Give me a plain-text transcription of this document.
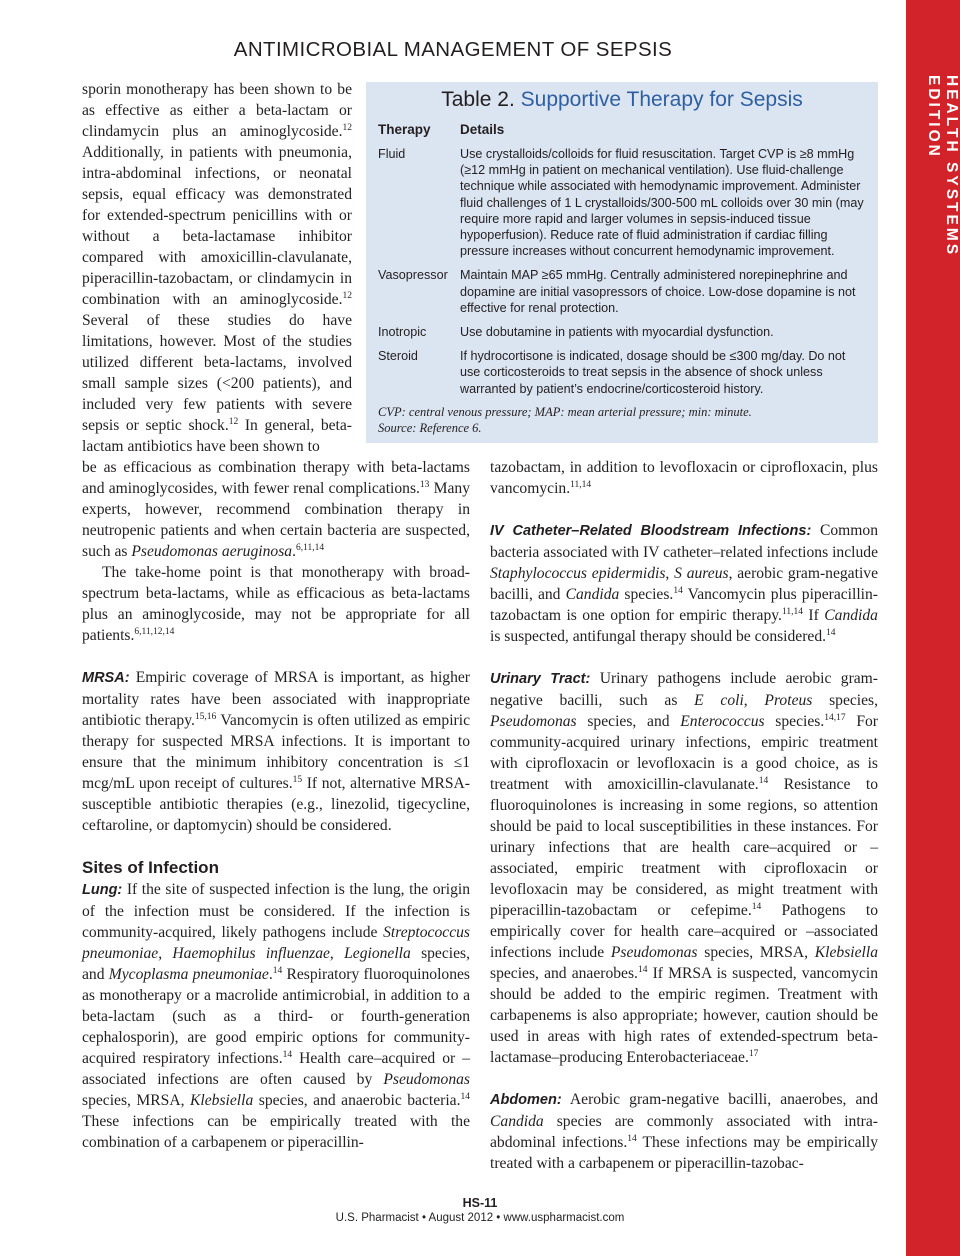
ANTIMICROBIAL MANAGEMENT OF SEPSIS
HEALTH SYSTEMS EDITION

sporin monotherapy has been shown to be as effective as either a beta-lactam or clindamycin plus an aminoglycoside.$^{12}$ Additionally, in patients with pneumonia, intra-abdominal infections, or neonatal sepsis, equal efficacy was demonstrated for extended-spectrum penicillins with or without a beta-lactamase inhibitor compared with amoxicillin-clavulanate, piperacillin-tazobactam, or clindamycin in combination with an aminoglycoside.$^{12}$ Several of these studies do have limitations, however. Most of the studies utilized different beta-lactams, involved small sample sizes (<200 patients), and included very few patients with severe sepsis or septic shock.$^{12}$ In general, beta-lactam antibiotics have been shown to

Table 2. Supportive Therapy for Sepsis
Therapy Details
Fluid	Use crystalloids/colloids for fluid resuscitation. Target CVP is ≥8 mmHg (≥12 mmHg in patient on mechanical ventilation). Use fluid-challenge technique while associated with hemodynamic improvement. Administer fluid challenges of 1 L crystalloids/300-500 mL colloids over 30 min (may require more rapid and larger volumes in sepsis-induced tissue hypoperfusion). Reduce rate of fluid administration if cardiac filling pressure increases without concurrent hemodynamic improvement.
Vasopressor Maintain MAP ≥65 mmHg. Centrally administered norepinephrine and dopamine are initial vasopressors of choice. Low-dose dopamine is not effective for renal protection.
Inotropic	Use dobutamine in patients with myocardial dysfunction.
Steroid	If hydrocortisone is indicated, dosage should be ≤300 mg/day. Do not use corticosteroids to treat sepsis in the absence of shock unless warranted by patient’s endocrine/corticosteroid history.
CVP: central venous pressure; MAP: mean arterial pressure; min: minute.
Source: Reference 6.

be as efficacious as combination therapy with beta-lactams and aminoglycosides, with fewer renal complications.$^{13}$ Many experts, however, recommend combination therapy in neutropenic patients and when certain bacteria are suspected, such as Pseudomonas aeruginosa.$^{6,11,14}$

The take-home point is that monotherapy with broad-spectrum beta-lactams, while as efficacious as beta-lactams plus an aminoglycoside, may not be appropriate for all patients.$^{6,11,12,14}$

MRSA: Empiric coverage of MRSA is important, as higher mortality rates have been associated with inappropriate antibiotic therapy.$^{15,16}$ Vancomycin is often utilized as empiric therapy for suspected MRSA infections. It is important to ensure that the minimum inhibitory concentration is ≤1 mcg/mL upon receipt of cultures.$^{15}$ If not, alternative MRSA-susceptible antibiotic therapies (e.g., linezolid, tigecycline, ceftaroline, or daptomycin) should be considered.

Sites of Infection

Lung: If the site of suspected infection is the lung, the origin of the infection must be considered. If the infection is community-acquired, likely pathogens include Streptococcus pneumoniae, Haemophilus influenzae, Legionella species, and Mycoplasma pneumoniae.$^{14}$ Respiratory fluoroquinolones as monotherapy or a macrolide antimicrobial, in addition to a beta-lactam (such as a third- or fourth-generation cephalosporin), are good empiric options for community-acquired respiratory infections.$^{14}$ Health care–acquired or –associated infections are often caused by Pseudomonas species, MRSA, Klebsiella species, and anaerobic bacteria.$^{14}$ These infections can be empirically treated with the combination of a carbapenem or piperacillin-

tazobactam, in addition to levofloxacin or ciprofloxacin, plus vancomycin.$^{11,14}$

IV Catheter–Related Bloodstream Infections: Common bacteria associated with IV catheter–related infections include Staphylococcus epidermidis, S aureus, aerobic gram-negative bacilli, and Candida species.$^{14}$ Vancomycin plus piperacillin-tazobactam is one option for empiric therapy.$^{11,14}$ If Candida is suspected, antifungal therapy should be considered.$^{14}$

Urinary Tract: Urinary pathogens include aerobic gram-negative bacilli, such as E coli, Proteus species, Pseudomonas species, and Enterococcus species.$^{14,17}$ For community-acquired urinary infections, empiric treatment with ciprofloxacin or levofloxacin is a good choice, as is treatment with amoxicillin-clavulanate.$^{14}$ Resistance to fluoroquinolones is increasing in some regions, so attention should be paid to local susceptibilities in these instances. For urinary infections that are health care–acquired or –associated, empiric treatment with ciprofloxacin or levofloxacin may be considered, as might treatment with piperacillin-tazobactam or cefepime.$^{14}$ Pathogens to empirically cover for health care–acquired or –associated infections include Pseudomonas species, MRSA, Klebsiella species, and anaerobes.$^{14}$ If MRSA is suspected, vancomycin should be added to the empiric regimen. Treatment with carbapenems is also appropriate; however, caution should be used in areas with high rates of extended-spectrum beta-lactamase–producing Enterobacteriaceae.$^{17}$

Abdomen: Aerobic gram-negative bacilli, anaerobes, and Candida species are commonly associated with intra-abdominal infections.$^{14}$ These infections may be empirically treated with a carbapenem or piperacillin-tazobac-

HS-11
U.S. Pharmacist • August 2012 • www.uspharmacist.com
